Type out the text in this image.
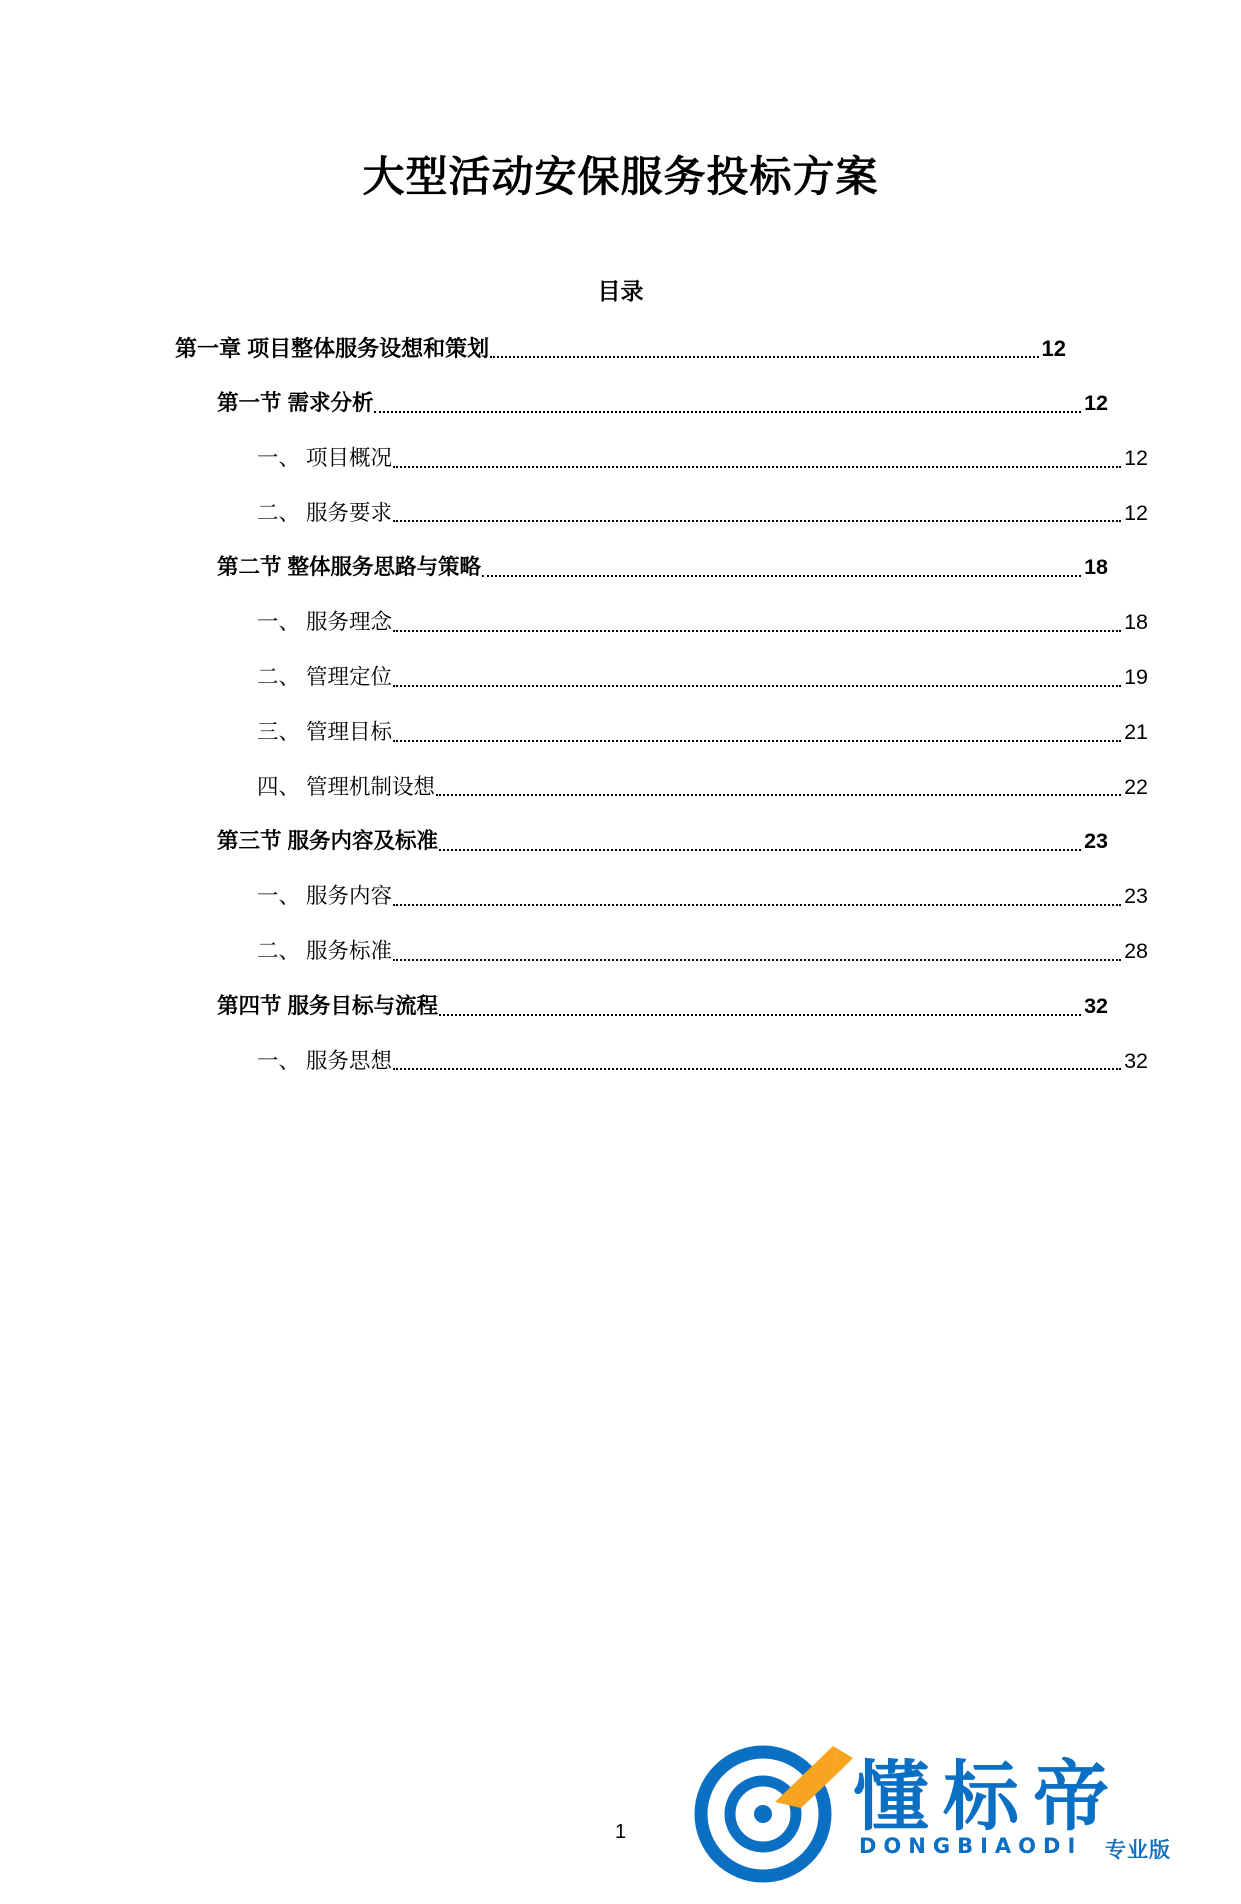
大型活动安保服务投标方案
目录
第一章 项目整体服务设想和策划	12
第一节 需求分析	12
一、 项目概况	12
二、 服务要求	12
第二节 整体服务思路与策略	18
一、 服务理念	18
二、 管理定位	19
三、 管理目标	21
四、 管理机制设想	22
第三节 服务内容及标准	23
一、 服务内容	23
二、 服务标准	28
第四节 服务目标与流程	32
一、 服务思想	32
1	懂标帝
DONGBIAODI 专业版
